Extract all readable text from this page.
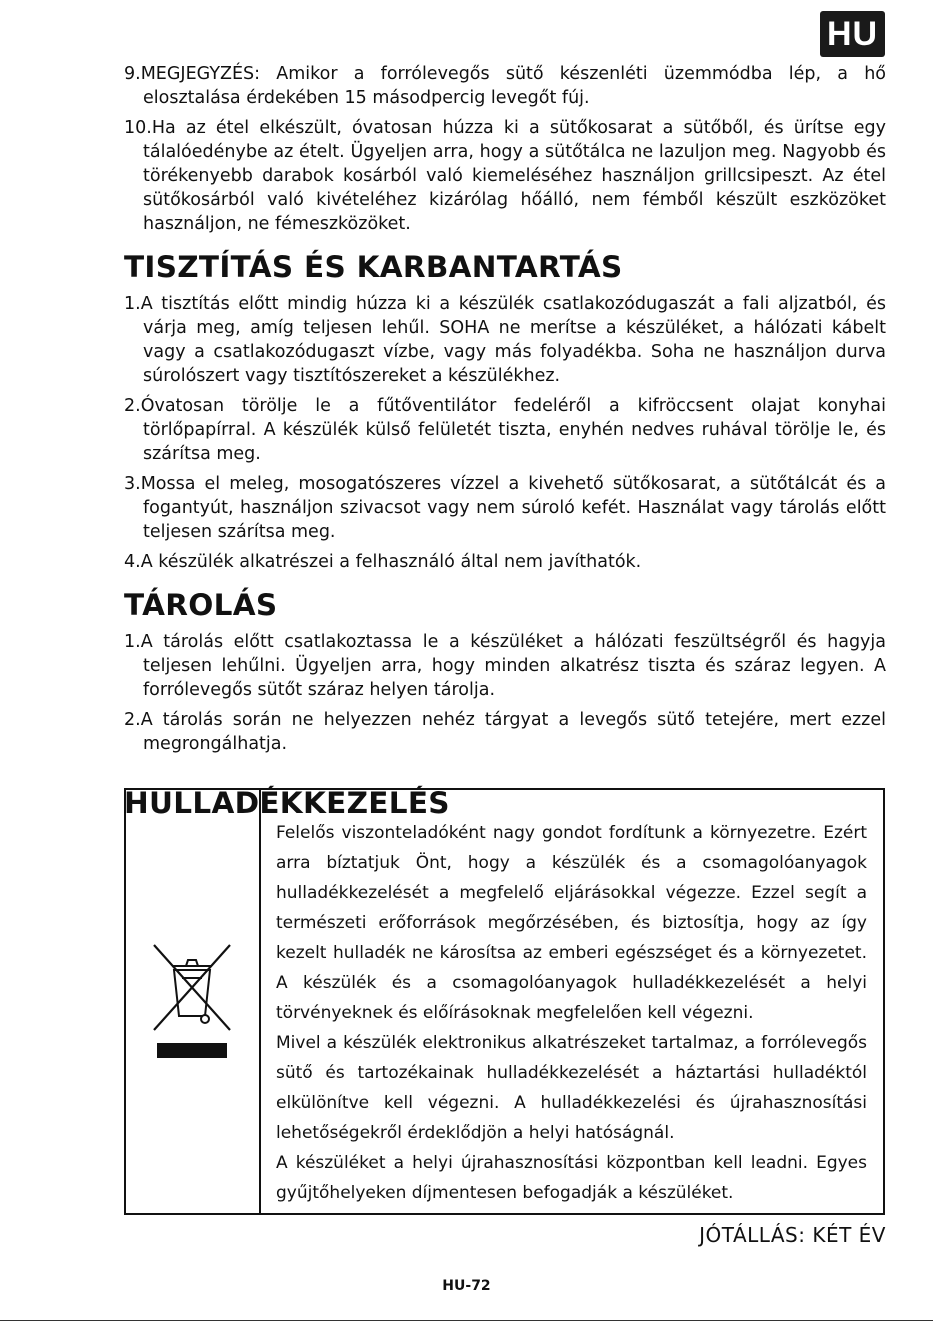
HU
9.MEGJEGYZÉS: Amikor a forrólevegős sütő készenléti üzemmódba lép, a hő elosztalása érdekében 15 másodpercig levegőt fúj.
10.Ha az étel elkészült, óvatosan húzza ki a sütőkosarat a sütőből, és ürítse egy tálalóedénybe az ételt. Ügyeljen arra, hogy a sütőtálca ne lazuljon meg. Nagyobb és törékenyebb darabok kosárból való kiemeléséhez használjon grillcsipeszt. Az étel sütőkosárból való kivételéhez kizárólag hőálló, nem fémből készült eszközöket használjon, ne fémeszközöket.
TISZTÍTÁS ÉS KARBANTARTÁS
1.A tisztítás előtt mindig húzza ki a készülék csatlakozódugaszát a fali aljzatból, és várja meg, amíg teljesen lehűl. SOHA ne merítse a készüléket, a hálózati kábelt vagy a csatlakozódugaszt vízbe, vagy más folyadékba. Soha ne használjon durva súrolószert vagy tisztítószereket a készülékhez.
2.Óvatosan törölje le a fűtőventilátor fedeléről a kifröccsent olajat konyhai törlőpapírral. A készülék külső felületét tiszta, enyhén nedves ruhával törölje le, és szárítsa meg.
3.Mossa el meleg, mosogatószeres vízzel a kivehető sütőkosarat, a sütőtálcát és a fogantyút, használjon szivacsot vagy nem súroló kefét. Használat vagy tárolás előtt teljesen szárítsa meg.
4.A készülék alkatrészei a felhasználó által nem javíthatók.
TÁROLÁS
1.A tárolás előtt csatlakoztassa le a készüléket a hálózati feszültségről és hagyja teljesen lehűlni. Ügyeljen arra, hogy minden alkatrész tiszta és száraz legyen. A forrólevegős sütőt száraz helyen tárolja.
2.A tárolás során ne helyezzen nehéz tárgyat a levegős sütő tetejére, mert ezzel megrongálhatja.
HULLADÉKKEZELÉS

Felelős viszonteladóként nagy gondot fordítunk a környezetre. Ezért arra bíztatjuk Önt, hogy a készülék és a csomagolóanyagok hulladékkezelését a megfelelő eljárásokkal végezze. Ezzel segít a természeti erőforrások megőrzésében, és biztosítja, hogy az így kezelt hulladék ne károsítsa az emberi egészséget és a környezetet. A készülék és a csomagolóanyagok hulladékkezelését a helyi törvényeknek és előírásoknak megfelelően kell végezni.

Mivel a készülék elektronikus alkatrészeket tartalmaz, a forrólevegős sütő és tartozékainak hulladékkezelését a háztartási hulladéktól elkülönítve kell végezni. A hulladékkezelési és újrahasznosítási lehetőségekről érdeklődjön a helyi hatóságnál.

A készüléket a helyi újrahasznosítási központban kell leadni. Egyes gyűjtőhelyeken díjmentesen befogadják a készüléket.

JÓTÁLLÁS: KÉT ÉV
HU-72
